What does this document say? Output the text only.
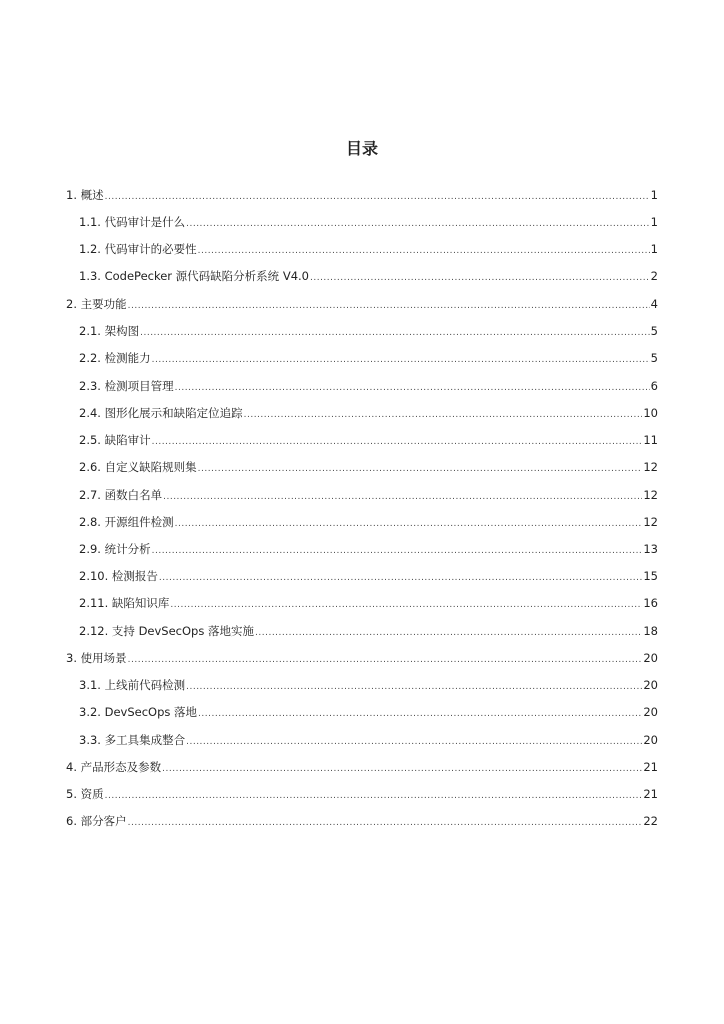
目录
1. 概述 .....	1
1.1. 代码审计是什么 .....	1
1.2. 代码审计的必要性 .....	1
1.3. CodePecker 源代码缺陷分析系统 V4.0 .....	2
2. 主要功能 .....	4
2.1. 架构图 .....	5
2.2. 检测能力 .....	5
2.3. 检测项目管理 .....	6
2.4. 图形化展示和缺陷定位追踪 .....	10
2.5. 缺陷审计 .....	11
2.6. 自定义缺陷规则集 .....	12
2.7. 函数白名单 .....	12
2.8. 开源组件检测 .....	12
2.9. 统计分析 .....	13
2.10. 检测报告 .....	15
2.11. 缺陷知识库 .....	16
2.12. 支持 DevSecOps 落地实施 .....	18
3. 使用场景 .....	20
3.1. 上线前代码检测 .....	20
3.2. DevSecOps 落地 .....	20
3.3. 多工具集成整合 .....	20
4. 产品形态及参数 .....	21
5. 资质 .....	21
6. 部分客户 .....	22
